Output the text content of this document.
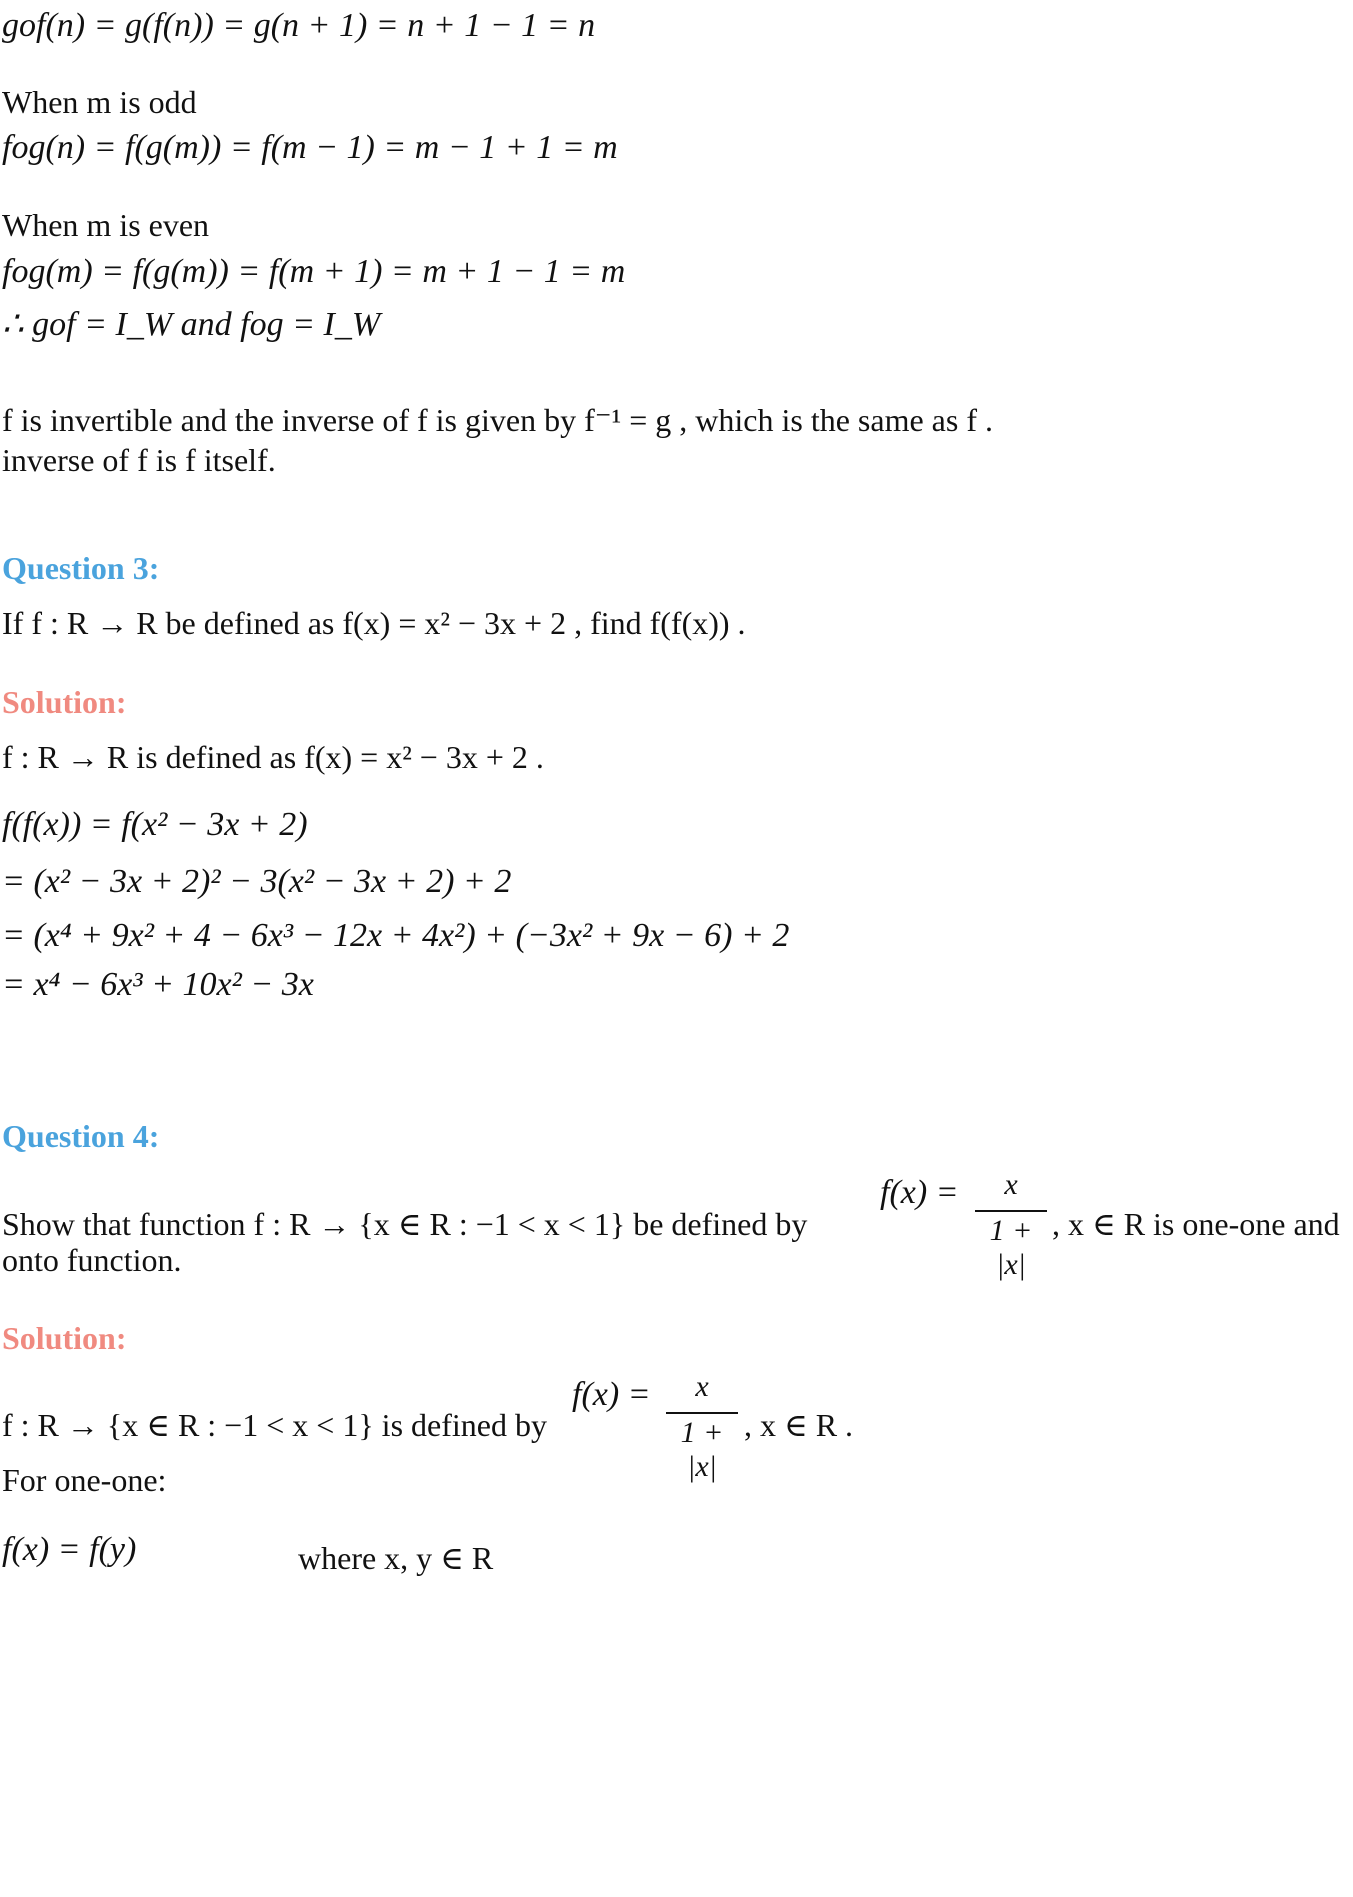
gof(n) = g(f(n)) = g(n + 1) = n + 1 − 1 = n
When m is odd
fog(n) = f(g(m)) = f(m − 1) = m − 1 + 1 = m
When m is even
fog(m) = f(g(m)) = f(m + 1) = m + 1 − 1 = m
∴ gof = I_W and fog = I_W
f is invertible and the inverse of f is given by f⁻¹ = g , which is the same as f .
inverse of f is f itself.
Question 3:
If f : R → R be defined as f(x) = x² − 3x + 2 , find f(f(x)) .
Solution:
f : R → R is defined as f(x) = x² − 3x + 2 .
f(f(x)) = f(x² − 3x + 2)
= (x² − 3x + 2)² − 3(x² − 3x + 2) + 2
= (x⁴ + 9x² + 4 − 6x³ − 12x + 4x²) + (−3x² + 9x − 6) + 2
= x⁴ − 6x³ + 10x² − 3x
Question 4:
Show that function f : R → {x ∈ R : −1 < x < 1} be defined by
f(x) =	x
1 + |x|
, x ∈ R is one-one and
onto function.
Solution:
f : R → {x ∈ R : −1 < x < 1} is defined by
f(x) =	x
1 + |x|
, x ∈ R .
For one-one:
f(x) = f(y)	where x, y ∈ R
